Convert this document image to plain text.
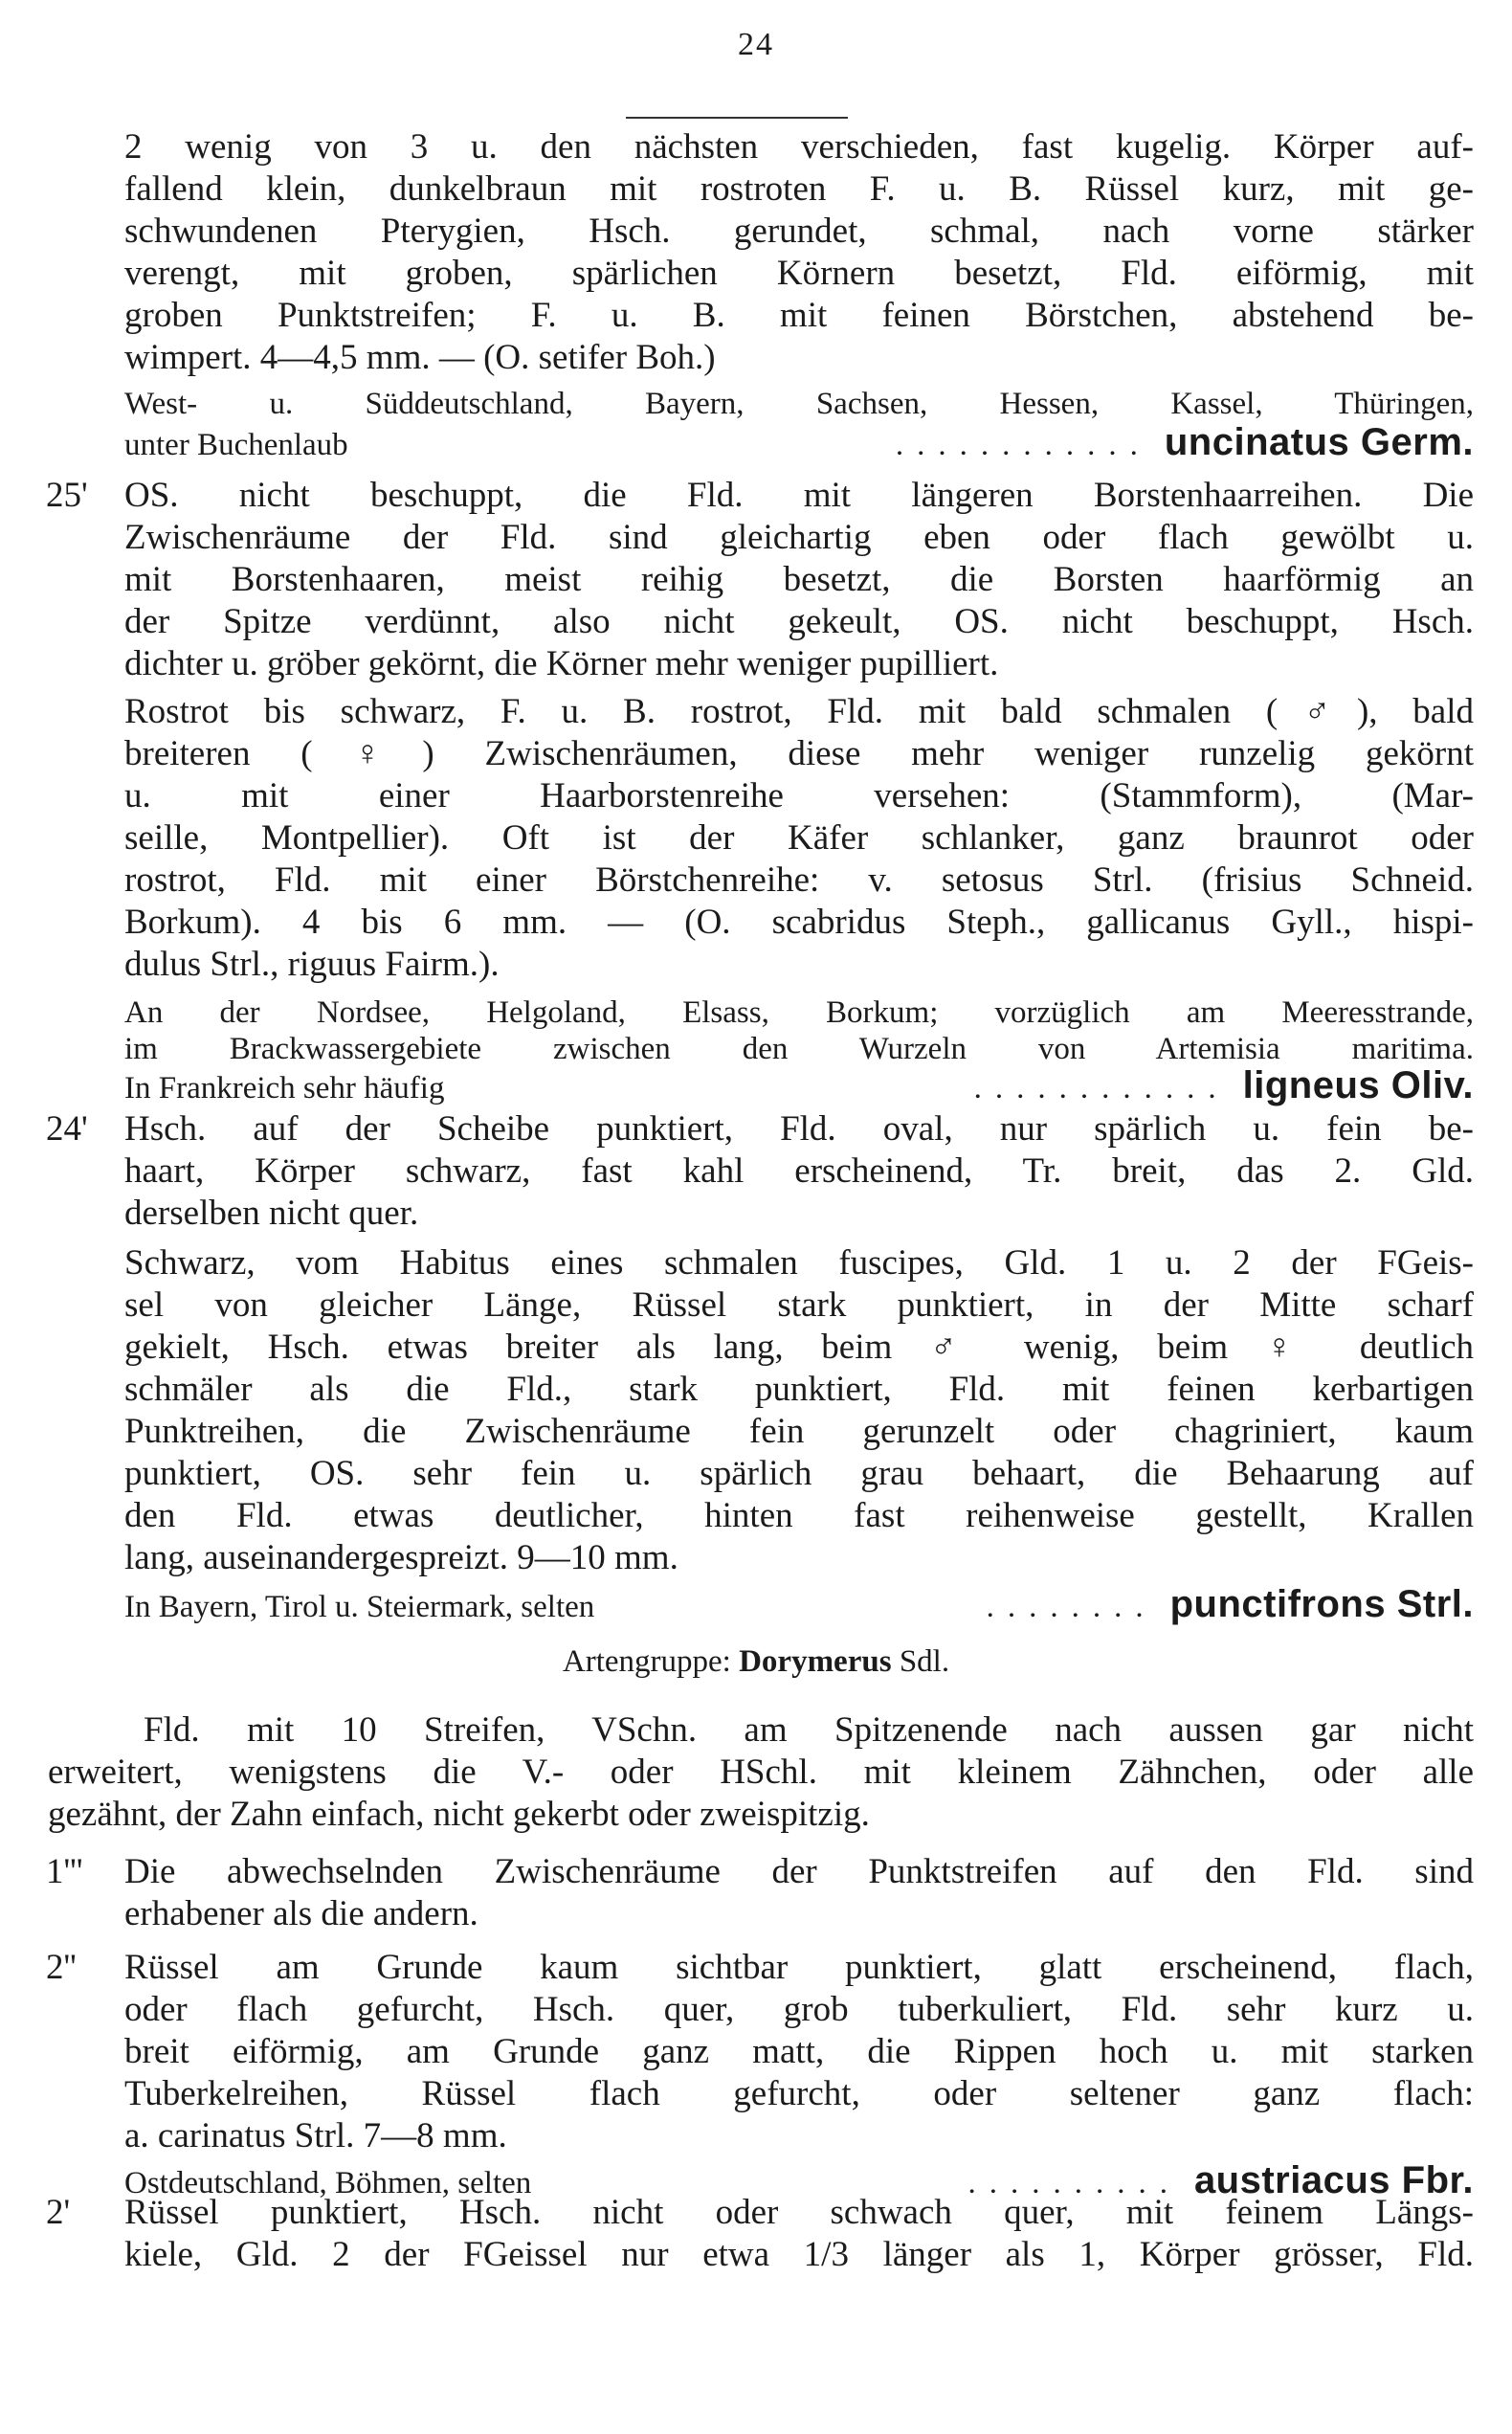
24
2 wenig von 3 u. den nächsten verschieden, fast kugelig. Körper auf-
fallend klein, dunkelbraun mit rostroten F. u. B. Rüssel kurz, mit ge-
schwundenen Pterygien, Hsch. gerundet, schmal, nach vorne stärker
verengt, mit groben, spärlichen Körnern besetzt, Fld. eiförmig, mit
groben Punktstreifen; F. u. B. mit feinen Börstchen, abstehend be-
wimpert. 4—4,5 mm. — (O. setifer Boh.)
West- u. Süddeutschland, Bayern, Sachsen, Hessen, Kassel, Thüringen,
unter Buchenlaub	............ uncinatus Germ.
25' OS. nicht beschuppt, die Fld. mit längeren Borstenhaarreihen. Die
Zwischenräume der Fld. sind gleichartig eben oder flach gewölbt u.
mit Borstenhaaren, meist reihig besetzt, die Borsten haarförmig an
der Spitze verdünnt, also nicht gekeult, OS. nicht beschuppt, Hsch.
dichter u. gröber gekörnt, die Körner mehr weniger pupilliert.
Rostrot bis schwarz, F. u. B. rostrot, Fld. mit bald schmalen (♂), bald
breiteren (♀) Zwischenräumen, diese mehr weniger runzelig gekörnt
u. mit einer Haarborstenreihe versehen: (Stammform), (Mar-
seille, Montpellier). Oft ist der Käfer schlanker, ganz braunrot oder
rostrot, Fld. mit einer Börstchenreihe: v. setosus Strl. (frisius Schneid.
Borkum). 4 bis 6 mm. — (O. scabridus Steph., gallicanus Gyll., hispi-
dulus Strl., riguus Fairm.).
An der Nordsee, Helgoland, Elsass, Borkum; vorzüglich am Meeresstrande,
im Brackwassergebiete zwischen den Wurzeln von Artemisia maritima.
In Frankreich sehr häufig	............ ligneus Oliv.
24' Hsch. auf der Scheibe punktiert, Fld. oval, nur spärlich u. fein be-
haart, Körper schwarz, fast kahl erscheinend, Tr. breit, das 2. Gld.
derselben nicht quer.
Schwarz, vom Habitus eines schmalen fuscipes, Gld. 1 u. 2 der FGeis-
sel von gleicher Länge, Rüssel stark punktiert, in der Mitte scharf
gekielt, Hsch. etwas breiter als lang, beim ♂ wenig, beim ♀ deutlich
schmäler als die Fld., stark punktiert, Fld. mit feinen kerbartigen
Punktreihen, die Zwischenräume fein gerunzelt oder chagriniert, kaum
punktiert, OS. sehr fein u. spärlich grau behaart, die Behaarung auf
den Fld. etwas deutlicher, hinten fast reihenweise gestellt, Krallen
lang, auseinandergespreizt. 9—10 mm.
In Bayern, Tirol u. Steiermark, selten	........ punctifrons Strl.
Artengruppe: Dorymerus Sdl.
Fld. mit 10 Streifen, VSchn. am Spitzenende nach aussen gar nicht
erweitert, wenigstens die V.- oder HSchl. mit kleinem Zähnchen, oder alle
gezähnt, der Zahn einfach, nicht gekerbt oder zweispitzig.
1''' Die abwechselnden Zwischenräume der Punktstreifen auf den Fld. sind
erhabener als die andern.
2'' Rüssel am Grunde kaum sichtbar punktiert, glatt erscheinend, flach,
oder flach gefurcht, Hsch. quer, grob tuberkuliert, Fld. sehr kurz u.
breit eiförmig, am Grunde ganz matt, die Rippen hoch u. mit starken
Tuberkelreihen, Rüssel flach gefurcht, oder seltener ganz flach:
a. carinatus Strl. 7—8 mm.
Ostdeutschland, Böhmen, selten	.......... austriacus Fbr.
2' Rüssel punktiert, Hsch. nicht oder schwach quer, mit feinem Längs-
kiele, Gld. 2 der FGeissel nur etwa 1/3 länger als 1, Körper grösser, Fld.
